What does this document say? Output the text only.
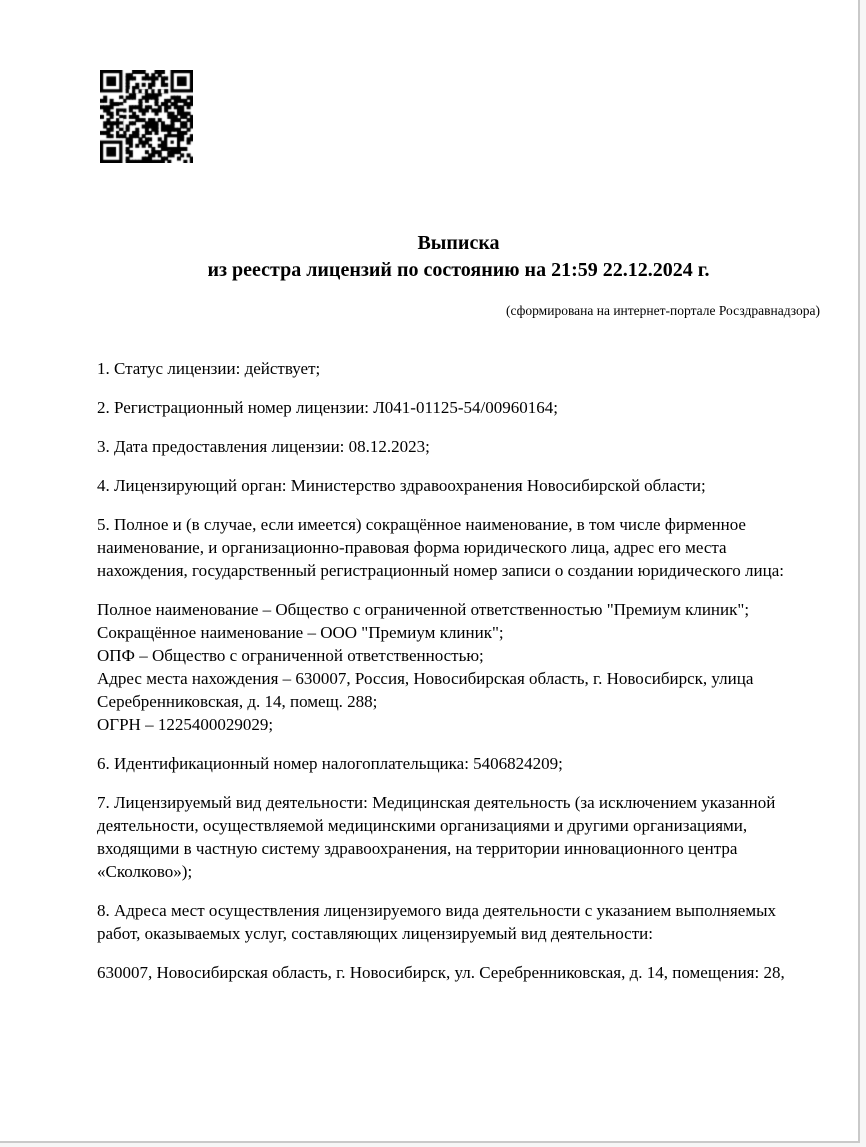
Выписка
из реестра лицензий по состоянию на 21:59 22.12.2024 г.
(сформирована на интернет-портале Росздравнадзора)
1. Статус лицензии: действует;
2. Регистрационный номер лицензии: Л041-01125-54/00960164;
3. Дата предоставления лицензии: 08.12.2023;
4. Лицензирующий орган: Министерство здравоохранения Новосибирской области;
5. Полное и (в случае, если имеется) сокращённое наименование, в том числе фирменное наименование, и организационно-правовая форма юридического лица, адрес его места нахождения, государственный регистрационный номер записи о создании юридического лица:
Полное наименование – Общество с ограниченной ответственностью "Премиум клиник";
Сокращённое наименование – ООО "Премиум клиник";
ОПФ – Общество с ограниченной ответственностью;
Адрес места нахождения – 630007, Россия, Новосибирская область, г. Новосибирск, улица Серебренниковская, д. 14, помещ. 288;
ОГРН – 1225400029029;
6. Идентификационный номер налогоплательщика: 5406824209;
7. Лицензируемый вид деятельности: Медицинская деятельность (за исключением указанной деятельности, осуществляемой медицинскими организациями и другими организациями, входящими в частную систему здравоохранения, на территории инновационного центра «Сколково»);
8. Адреса мест осуществления лицензируемого вида деятельности с указанием выполняемых работ, оказываемых услуг, составляющих лицензируемый вид деятельности:
630007, Новосибирская область, г. Новосибирск, ул. Серебренниковская, д. 14, помещения: 28,
